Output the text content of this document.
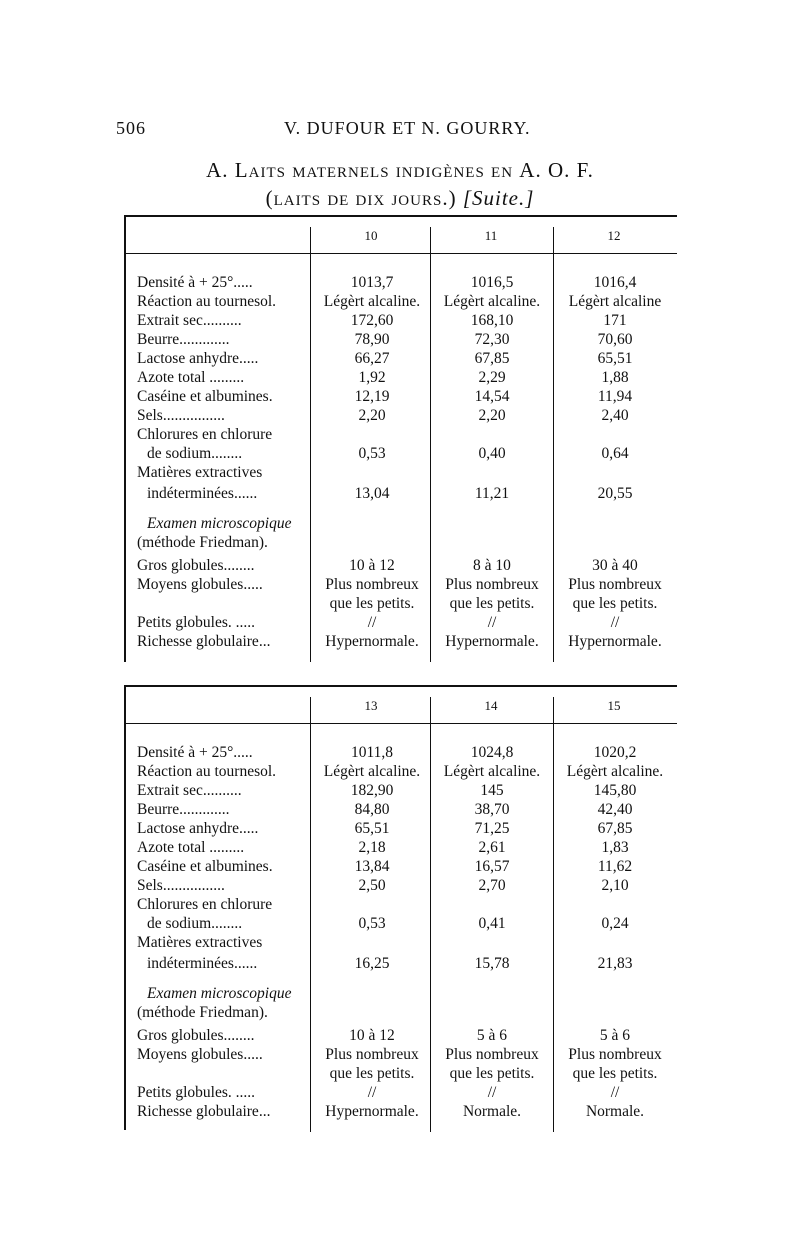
506	V. DUFOUR ET N. GOURRY.
A. Laits maternels indigènes en A. O. F.
(laits de dix jours.) [Suite.]
10	11	12
Densité à + 25°.....	1013,7	1016,5	1016,4
Réaction au tournesol.	Légèrt alcaline.	Légèrt alcaline.	Légèrt alcaline
Extrait sec..........	172,60	168,10	171
Beurre.............	78,90	72,30	70,60
Lactose anhydre.....	66,27	67,85	65,51
Azote total .........	1,92	2,29	1,88
Caséine et albumines.	12,19	14,54	11,94
Sels................	2,20	2,20	2,40
Chlorures en chlorure
de sodium........	0,53	0,40	0,64
Matières extractives
indéterminées......	13,04	11,21	20,55
Examen microscopique
(méthode Friedman).
Gros globules........	10 à 12	8 à 10	30 à 40
Moyens globules.....	Plus nombreux	Plus nombreux	Plus nombreux
que les petits.	que les petits.	que les petits.
Petits globules. .....	//	//	//
Richesse globulaire...	Hypernormale.	Hypernormale.	Hypernormale.
13	14	15
Densité à + 25°.....	1011,8	1024,8	1020,2
Réaction au tournesol.	Légèrt alcaline.	Légèrt alcaline.	Légèrt alcaline.
Extrait sec..........	182,90	145	145,80
Beurre.............	84,80	38,70	42,40
Lactose anhydre.....	65,51	71,25	67,85
Azote total .........	2,18	2,61	1,83
Caséine et albumines.	13,84	16,57	11,62
Sels................	2,50	2,70	2,10
Chlorures en chlorure
de sodium........	0,53	0,41	0,24
Matières extractives
indéterminées......	16,25	15,78	21,83
Examen microscopique
(méthode Friedman).
Gros globules........	10 à 12	5 à 6	5 à 6
Moyens globules.....	Plus nombreux	Plus nombreux	Plus nombreux
que les petits.	que les petits.	que les petits.
Petits globules. .....	//	//	//
Richesse globulaire...	Hypernormale.	Normale.	Normale.
